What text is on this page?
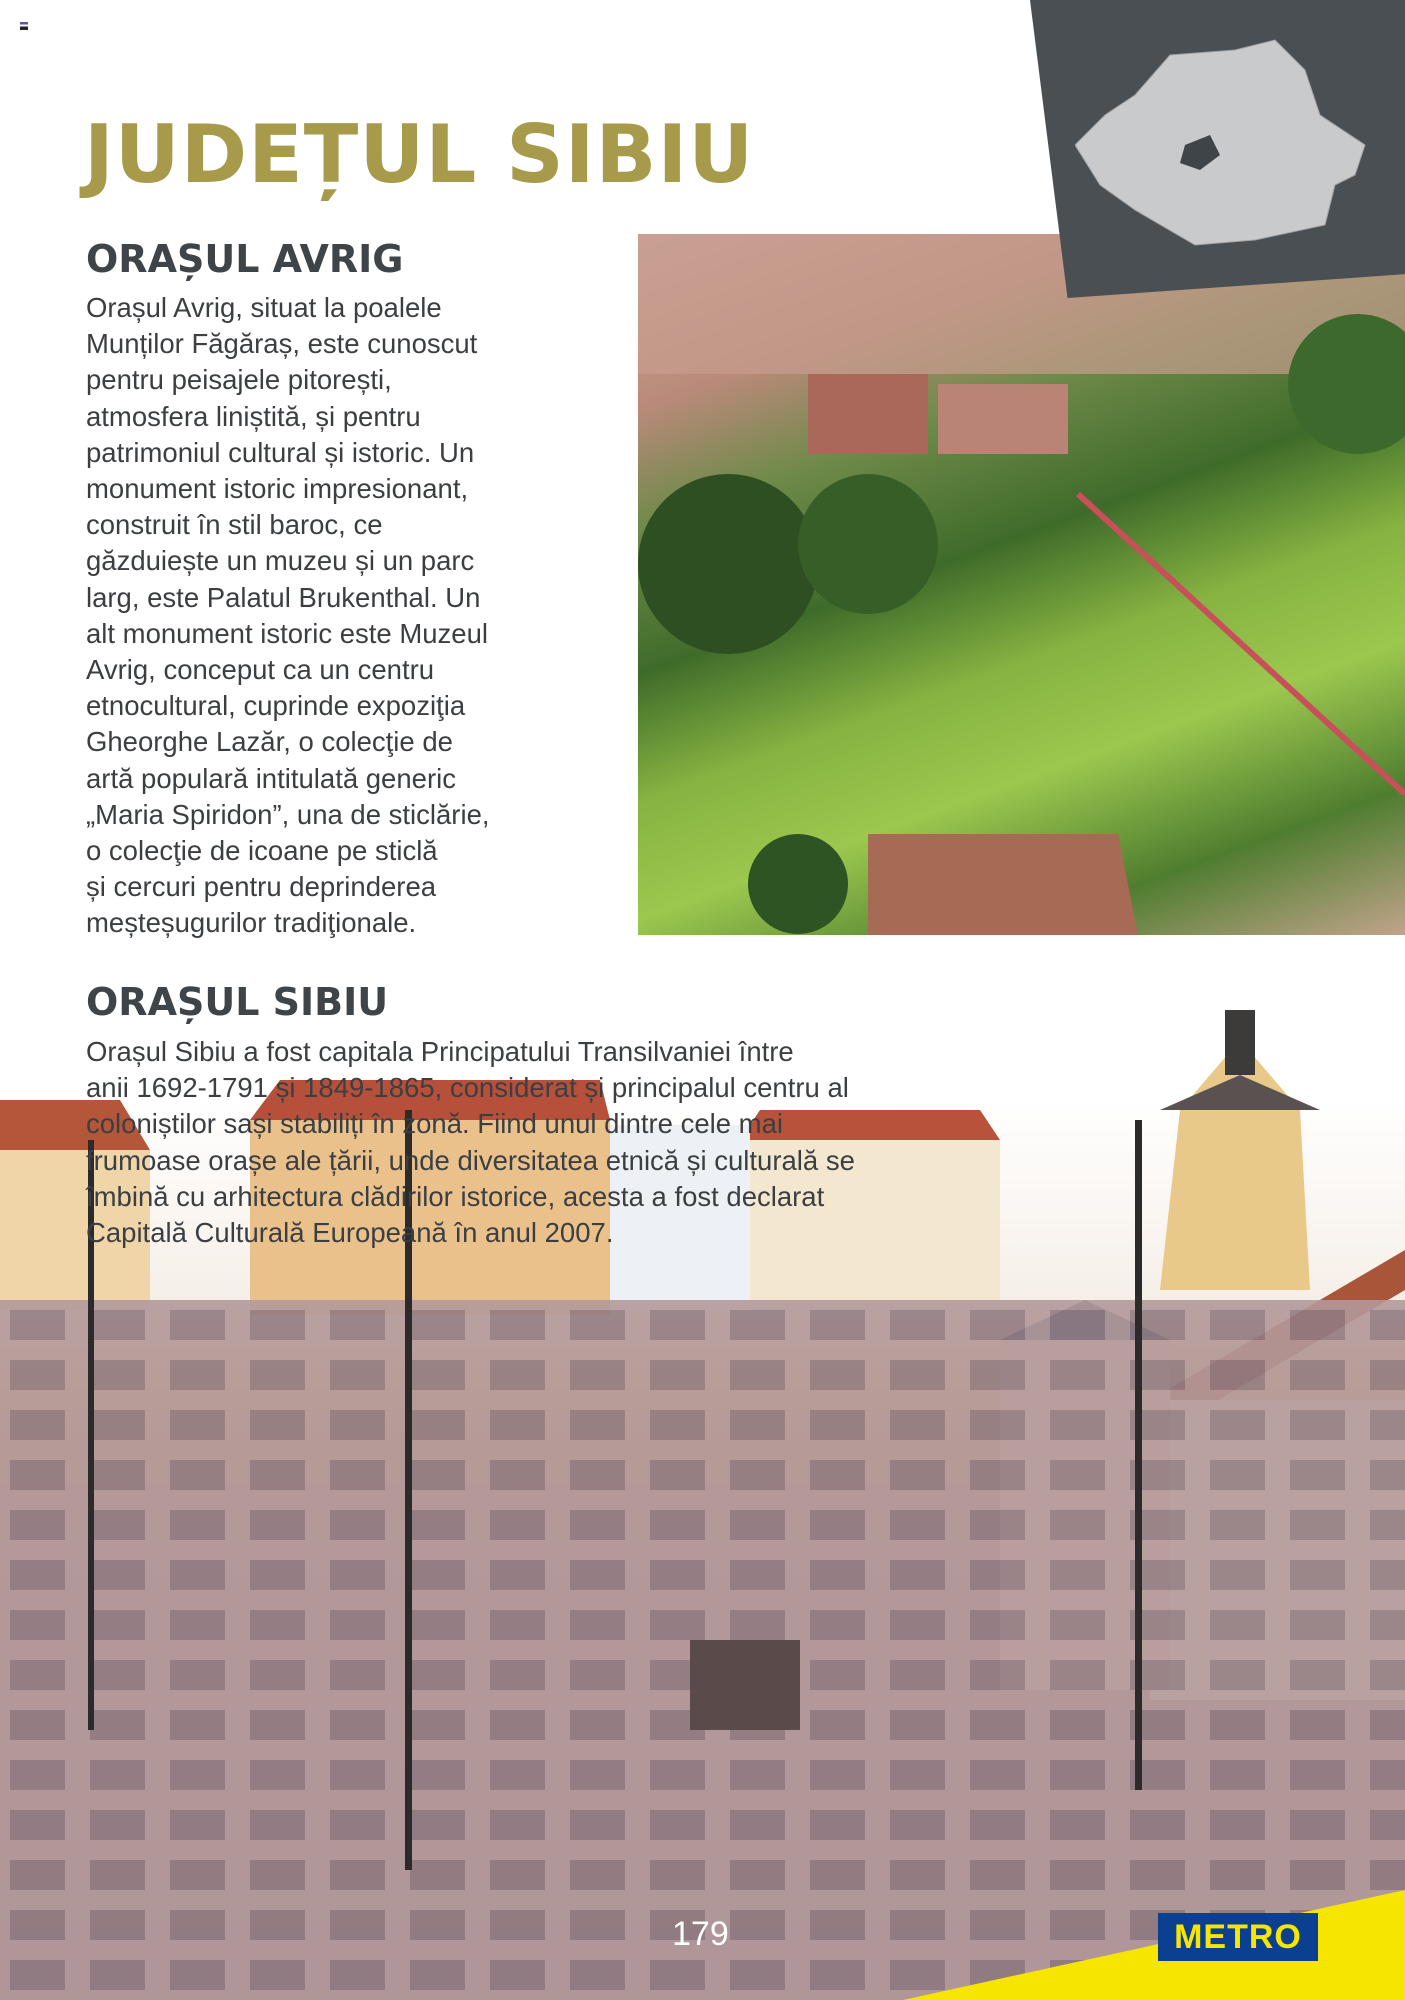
179	METRO
JUDEȚUL SIBIU
ORAȘUL AVRIG

Orașul Avrig, situat la poalele
Munților Făgăraș, este cunoscut
pentru peisajele pitorești,
atmosfera liniștită, și pentru
patrimoniul cultural și istoric. Un
monument istoric impresionant,
construit în stil baroc, ce
găzduiește un muzeu și un parc
larg, este Palatul Brukenthal. Un
alt monument istoric este Muzeul
Avrig, conceput ca un centru
etnocultural, cuprinde expoziţia
Gheorghe Lazăr, o colecţie de
artă populară intitulată generic
„Maria Spiridon”, una de sticlărie,
o colecţie de icoane pe sticlă
și cercuri pentru deprinderea
meșteșugurilor tradiţionale.

ORAȘUL SIBIU

Orașul Sibiu a fost capitala Principatului Transilvaniei între
anii 1692-1791 și 1849-1865, considerat și principalul centru al
coloniștilor sași stabiliți în zonă. Fiind unul dintre cele mai
frumoase orașe ale țării, unde diversitatea etnică și culturală se
îmbină cu arhitectura clădirilor istorice, acesta a fost declarat
Capitală Culturală Europeană în anul 2007.
